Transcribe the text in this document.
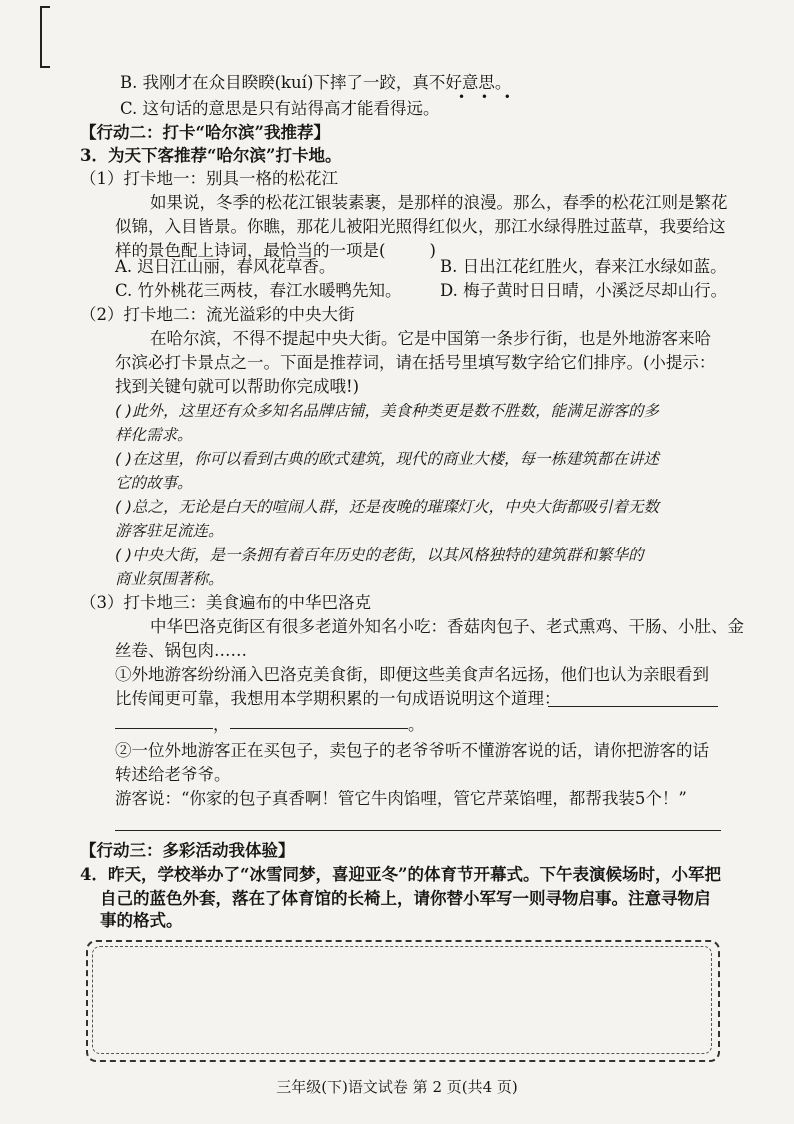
B. 我刚才在众目睽睽(kuí)下摔了一跤，真不好意思。
• • •
C. 这句话的意思是只有站得高才能看得远。
【行动二：打卡“哈尔滨”我推荐】
3．为天下客推荐“哈尔滨”打卡地。
（1）打卡地一：别具一格的松花江
如果说，冬季的松花江银装素裹，是那样的浪漫。那么，春季的松花江则是繁花
似锦，入目皆景。你瞧，那花儿被阳光照得红似火，那江水绿得胜过蓝草，我要给这
样的景色配上诗词，最恰当的一项是(	)
A. 迟日江山丽，春风花草香。	B. 日出江花红胜火，春来江水绿如蓝。
C. 竹外桃花三两枝，春江水暖鸭先知。 D. 梅子黄时日日晴，小溪泛尽却山行。
（2）打卡地二：流光溢彩的中央大街
在哈尔滨，不得不提起中央大街。它是中国第一条步行街，也是外地游客来哈
尔滨必打卡景点之一。下面是推荐词，请在括号里填写数字给它们排序。(小提示：
找到关键句就可以帮助你完成哦!)
( )此外，这里还有众多知名品牌店铺，美食种类更是数不胜数，能满足游客的多
样化需求。
( )在这里，你可以看到古典的欧式建筑，现代的商业大楼，每一栋建筑都在讲述
它的故事。
( )总之，无论是白天的喧闹人群，还是夜晚的璀璨灯火，中央大街都吸引着无数
游客驻足流连。
( )中央大街，是一条拥有着百年历史的老街，以其风格独特的建筑群和繁华的
商业氛围著称。
（3）打卡地三：美食遍布的中华巴洛克
中华巴洛克街区有很多老道外知名小吃：香菇肉包子、老式熏鸡、干肠、小肚、金
丝卷、锅包肉……
①外地游客纷纷涌入巴洛克美食街，即便这些美食声名远扬，他们也认为亲眼看到
比传闻更可靠，我想用本学期积累的一句成语说明这个道理：
，	。
②一位外地游客正在买包子，卖包子的老爷爷听不懂游客说的话，请你把游客的话
转述给老爷爷。
游客说：“你家的包子真香啊！管它牛肉馅哩，管它芹菜馅哩，都帮我装5个！”
【行动三：多彩活动我体验】
4．昨天，学校举办了“冰雪同梦，喜迎亚冬”的体育节开幕式。下午表演候场时，小军把
自己的蓝色外套，落在了体育馆的长椅上，请你替小军写一则寻物启事。注意寻物启
事的格式。
三年级(下)语文试卷 第 2 页(共4 页)
